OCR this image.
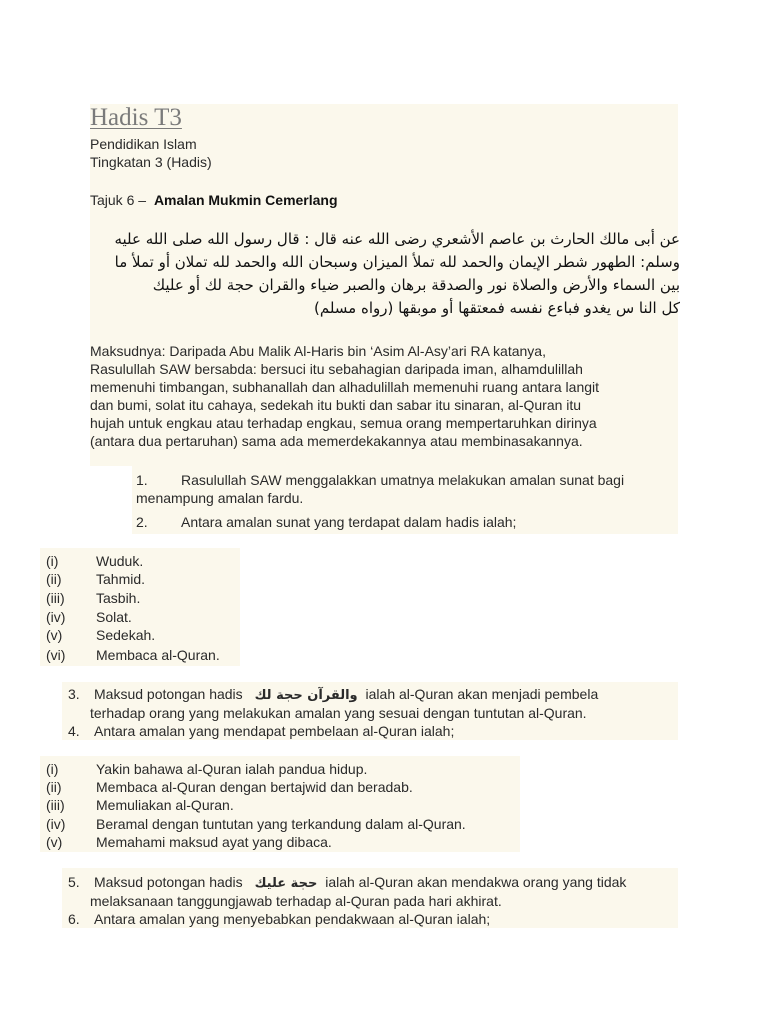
Hadis T3
Pendidikan Islam
Tingkatan 3 (Hadis)
Tajuk 6 – Amalan Mukmin Cemerlang
عن أبى مالك الحارث بن عاصم الأشعري رضى الله عنه قال : قال رسول الله صلى الله عليه
وسلم: الطهور شطر الإيمان والحمد لله تملأ الميزان وسبحان الله والحمد لله تملان أو تملأ ما
بين السماء والأرض والصلاة نور والصدقة برهان والصبر ضياء والقران حجة لك أو عليك
كل النا س يغدو فباءع نفسه فمعتقها أو موبقها (رواه مسلم)
Maksudnya: Daripada Abu Malik Al-Haris bin ‘Asim Al-Asy’ari RA katanya,
Rasulullah SAW bersabda: bersuci itu sebahagian daripada iman, alhamdulillah
memenuhi timbangan, subhanallah dan alhadulillah memenuhi ruang antara langit
dan bumi, solat itu cahaya, sedekah itu bukti dan sabar itu sinaran, al-Quran itu
hujah untuk engkau atau terhadap engkau, semua orang mempertaruhkan dirinya
(antara dua pertaruhan) sama ada memerdekakannya atau membinasakannya.
1. Rasulullah SAW menggalakkan umatnya melakukan amalan sunat bagi
menampung amalan fardu.
2. Antara amalan sunat yang terdapat dalam hadis ialah;
(i)	Wuduk.
(ii) Tahmid.
(iii) Tasbih.
(iv) Solat.
(v) Sedekah.
(vi) Membaca al-Quran.
3. Maksud potongan hadis والقرآن حجة لك ialah al-Quran akan menjadi pembela
terhadap orang yang melakukan amalan yang sesuai dengan tuntutan al-Quran.
4. Antara amalan yang mendapat pembelaan al-Quran ialah;
(i)	Yakin bahawa al-Quran ialah pandua hidup.
(ii) Membaca al-Quran dengan bertajwid dan beradab.
(iii) Memuliakan al-Quran.
(iv) Beramal dengan tuntutan yang terkandung dalam al-Quran.
(v) Memahami maksud ayat yang dibaca.
5. Maksud potongan hadis حجة عليك ialah al-Quran akan mendakwa orang yang tidak
melaksanaan tanggungjawab terhadap al-Quran pada hari akhirat.
6. Antara amalan yang menyebabkan pendakwaan al-Quran ialah;
